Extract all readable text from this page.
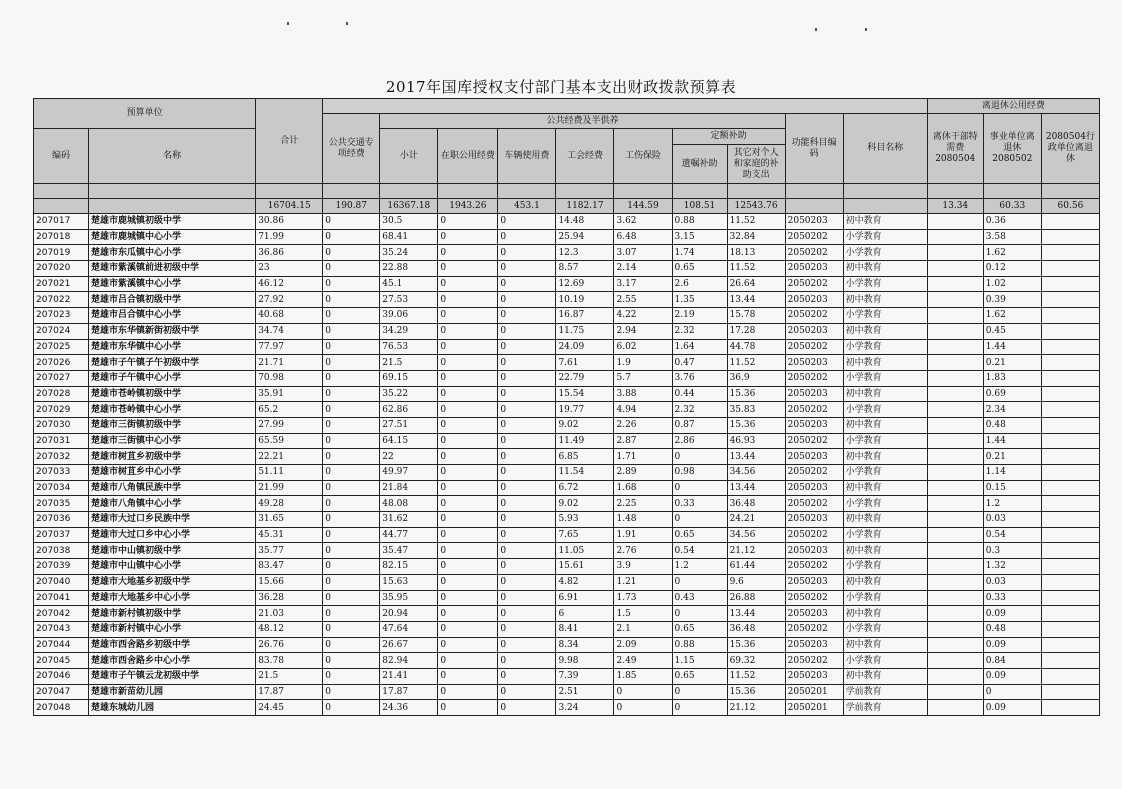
2017年国库授权支付部门基本支出财政拨款预算表
预算单位		合计											离退休公用经费		
			公共交通专项经费	公共经费及半供养							功能科目编码	科目名称	离休干部特需费2080504	事业单位离退休2080502	2080504行政单位离退休
编码	名称			小计	在职公用经费	车辆使用费	工会经费	工伤保险	定额补助						
									遗嘱补助	其它对个人和家庭的补助支出					

		16704.15	190.87	16367.18	1943.26	453.1	1182.17	144.59	108.51	12543.76			13.34	60.33	60.56
207017	楚雄市鹿城镇初级中学	30.86	0	30.5	0	0	14.48	3.62	0.88	11.52	2050203	初中教育		0.36	
207018	楚雄市鹿城镇中心小学	71.99	0	68.41	0	0	25.94	6.48	3.15	32.84	2050202	小学教育		3.58	
207019	楚雄市东瓜镇中心小学	36.86	0	35.24	0	0	12.3	3.07	1.74	18.13	2050202	小学教育		1.62	
207020	楚雄市紫溪镇前进初级中学	23	0	22.88	0	0	8.57	2.14	0.65	11.52	2050203	初中教育		0.12	
207021	楚雄市紫溪镇中心小学	46.12	0	45.1	0	0	12.69	3.17	2.6	26.64	2050202	小学教育		1.02	
207022	楚雄市吕合镇初级中学	27.92	0	27.53	0	0	10.19	2.55	1.35	13.44	2050203	初中教育		0.39	
207023	楚雄市吕合镇中心小学	40.68	0	39.06	0	0	16.87	4.22	2.19	15.78	2050202	小学教育		1.62	
207024	楚雄市东华镇新街初级中学	34.74	0	34.29	0	0	11.75	2.94	2.32	17.28	2050203	初中教育		0.45	
207025	楚雄市东华镇中心小学	77.97	0	76.53	0	0	24.09	6.02	1.64	44.78	2050202	小学教育		1.44	
207026	楚雄市子午镇子午初级中学	21.71	0	21.5	0	0	7.61	1.9	0.47	11.52	2050203	初中教育		0.21	
207027	楚雄市子午镇中心小学	70.98	0	69.15	0	0	22.79	5.7	3.76	36.9	2050202	小学教育		1.83	
207028	楚雄市苍岭镇初级中学	35.91	0	35.22	0	0	15.54	3.88	0.44	15.36	2050203	初中教育		0.69	
207029	楚雄市苍岭镇中心小学	65.2	0	62.86	0	0	19.77	4.94	2.32	35.83	2050202	小学教育		2.34	
207030	楚雄市三街镇初级中学	27.99	0	27.51	0	0	9.02	2.26	0.87	15.36	2050203	初中教育		0.48	
207031	楚雄市三街镇中心小学	65.59	0	64.15	0	0	11.49	2.87	2.86	46.93	2050202	小学教育		1.44	
207032	楚雄市树苴乡初级中学	22.21	0	22	0	0	6.85	1.71	0	13.44	2050203	初中教育		0.21	
207033	楚雄市树苴乡中心小学	51.11	0	49.97	0	0	11.54	2.89	0.98	34.56	2050202	小学教育		1.14	
207034	楚雄市八角镇民族中学	21.99	0	21.84	0	0	6.72	1.68	0	13.44	2050203	初中教育		0.15	
207035	楚雄市八角镇中心小学	49.28	0	48.08	0	0	9.02	2.25	0.33	36.48	2050202	小学教育		1.2	
207036	楚雄市大过口乡民族中学	31.65	0	31.62	0	0	5.93	1.48	0	24.21	2050203	初中教育		0.03	
207037	楚雄市大过口乡中心小学	45.31	0	44.77	0	0	7.65	1.91	0.65	34.56	2050202	小学教育		0.54	
207038	楚雄市中山镇初级中学	35.77	0	35.47	0	0	11.05	2.76	0.54	21.12	2050203	初中教育		0.3	
207039	楚雄市中山镇中心小学	83.47	0	82.15	0	0	15.61	3.9	1.2	61.44	2050202	小学教育		1.32	
207040	楚雄市大地基乡初级中学	15.66	0	15.63	0	0	4.82	1.21	0	9.6	2050203	初中教育		0.03	
207041	楚雄市大地基乡中心小学	36.28	0	35.95	0	0	6.91	1.73	0.43	26.88	2050202	小学教育		0.33	
207042	楚雄市新村镇初级中学	21.03	0	20.94	0	0	6	1.5	0	13.44	2050203	初中教育		0.09	
207043	楚雄市新村镇中心小学	48.12	0	47.64	0	0	8.41	2.1	0.65	36.48	2050202	小学教育		0.48	
207044	楚雄市西舍路乡初级中学	26.76	0	26.67	0	0	8.34	2.09	0.88	15.36	2050203	初中教育		0.09	
207045	楚雄市西舍路乡中心小学	83.78	0	82.94	0	0	9.98	2.49	1.15	69.32	2050202	小学教育		0.84	
207046	楚雄市子午镇云龙初级中学	21.5	0	21.41	0	0	7.39	1.85	0.65	11.52	2050203	初中教育		0.09	
207047	楚雄市新苗幼儿园	17.87	0	17.87	0	0	2.51	0	0	15.36	2050201	学前教育		0	
207048	楚雄东城幼儿园	24.45	0	24.36	0	0	3.24	0	0	21.12	2050201	学前教育		0.09	
